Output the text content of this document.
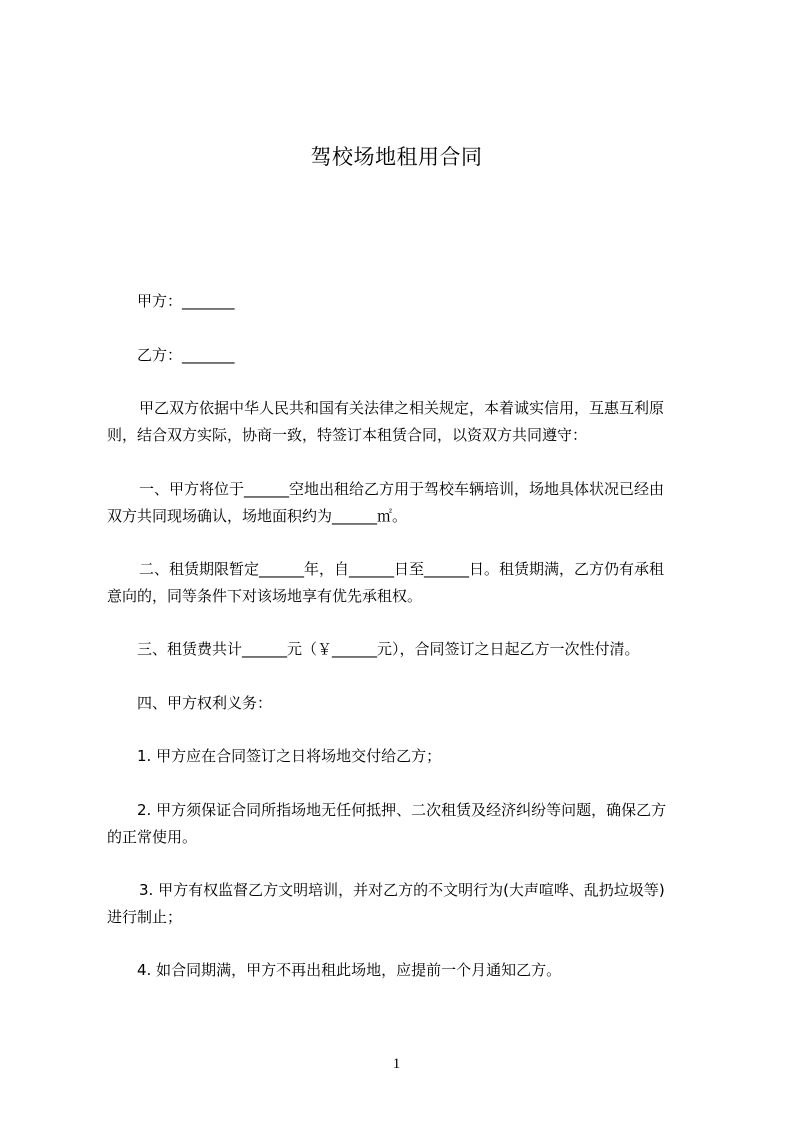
驾校场地租用合同
甲方：_______
乙方：_______
甲乙双方依据中华人民共和国有关法律之相关规定，本着诚实信用，互惠互利原
则，结合双方实际，协商一致，特签订本租赁合同，以资双方共同遵守：
一、甲方将位于______空地出租给乙方用于驾校车辆培训，场地具体状况已经由
双方共同现场确认，场地面积约为______㎡。
二、租赁期限暂定______年，自______日至______日。租赁期满，乙方仍有承租
意向的，同等条件下对该场地享有优先承租权。
三、租赁费共计______元（￥______元），合同签订之日起乙方一次性付清。
四、甲方权利义务：
1. 甲方应在合同签订之日将场地交付给乙方；
2. 甲方须保证合同所指场地无任何抵押、二次租赁及经济纠纷等问题，确保乙方
的正常使用。
3. 甲方有权监督乙方文明培训，并对乙方的不文明行为(大声喧哗、乱扔垃圾等)
进行制止；
4. 如合同期满，甲方不再出租此场地，应提前一个月通知乙方。
1
